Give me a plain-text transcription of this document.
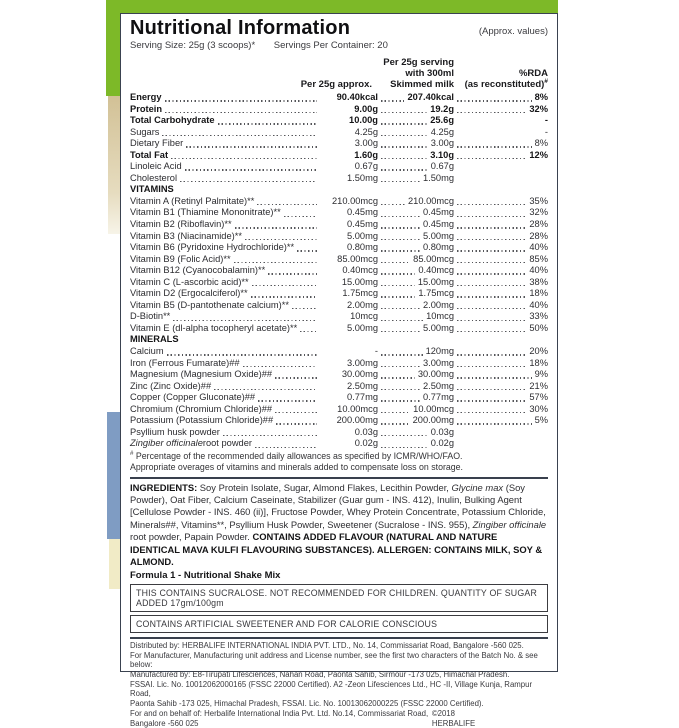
Nutritional Information	(Approx. values)
Serving Size: 25g (3 scoops)* Servings Per Container: 20
Per 25g approx.
Per 25g serving
with 300ml
Skimmed milk
%RDA
(as reconstituted)#
Energy	90.40kcal	207.40kcal	8%
Protein	9.00g	19.2g	32%
Total Carbohydrate	10.00g	25.6g	-
Sugars	4.25g	4.25g	-
Dietary Fiber	3.00g	3.00g	8%
Total Fat	1.60g	3.10g	12%
Linoleic Acid	0.67g	0.67g
Cholesterol	1.50mg	1.50mg
VITAMINS
Vitamin A (Retinyl Palmitate)**	210.00mcg	210.00mcg	35%
Vitamin B1 (Thiamine Mononitrate)**	0.45mg	0.45mg	32%
Vitamin B2 (Riboflavin)**	0.45mg	0.45mg	28%
Vitamin B3 (Niacinamide)**	5.00mg	5.00mg	28%
Vitamin B6 (Pyridoxine Hydrochloride)**	0.80mg	0.80mg	40%
Vitamin B9 (Folic Acid)**	85.00mcg	85.00mcg	85%
Vitamin B12 (Cyanocobalamin)**	0.40mcg	0.40mcg	40%
Vitamin C (L-ascorbic acid)**	15.00mg	15.00mg	38%
Vitamin D2 (Ergocalciferol)**	1.75mcg	1.75mcg	18%
Vitamin B5 (D-pantothenate calcium)**	2.00mg	2.00mg	40%
D-Biotin**	10mcg	10mcg	33%
Vitamin E (dl-alpha tocopheryl acetate)**	5.00mg	5.00mg	50%
MINERALS
Calcium	-	120mg	20%
Iron (Ferrous Fumarate)##	3.00mg	3.00mg	18%
Magnesium (Magnesium Oxide)##	30.00mg	30.00mg	9%
Zinc (Zinc Oxide)##	2.50mg	2.50mg	21%
Copper (Copper Gluconate)##	0.77mg	0.77mg	57%
Chromium (Chromium Chloride)##	10.00mcg	10.00mcg	30%
Potassium (Potassium Chloride)##	200.00mg	200.00mg	5%
Psyllium husk powder	0.03g	0.03g
Zingiber officinale root powder	0.02g	0.02g
# Percentage of the recommended daily allowances as specified by ICMR/WHO/FAO.
Appropriate overages of vitamins and minerals added to compensate loss on storage.

INGREDIENTS: Soy Protein Isolate, Sugar, Almond Flakes, Lecithin Powder, Glycine max (Soy Powder), Oat Fiber, Calcium Caseinate, Stabilizer (Guar gum - INS. 412), Inulin, Bulking Agent [Cellulose Powder - INS. 460 (ii)], Fructose Powder, Whey Protein Concentrate, Potassium Chloride, Minerals##, Vitamins**, Psyllium Husk Powder, Sweetener (Sucralose - INS. 955), Zingiber officinale root powder, Papain Powder. CONTAINS ADDED FLAVOUR (NATURAL AND NATURE IDENTICAL MAVA KULFI FLAVOURING SUBSTANCES). ALLERGEN: CONTAINS MILK, SOY & ALMOND.

Formula 1 - Nutritional Shake Mix
THIS CONTAINS SUCRALOSE. NOT RECOMMENDED FOR CHILDREN. QUANTITY OF SUGAR ADDED 17gm/100gm
CONTAINS ARTIFICIAL SWEETENER AND FOR CALORIE CONSCIOUS
Distributed by: HERBALIFE INTERNATIONAL INDIA PVT. LTD., No. 14, Commissariat Road, Bangalore -560 025.
For Manufacturer, Manufacturing unit address and License number, see the first two characters of the Batch No. & see below:
Manufactured by: E8-Tirupati Lifesciences, Nahan Road, Paonta Sahib, Sirmour -173 025, Himachal Pradesh.
FSSAI. Lic. No. 10012062000165 (FSSC 22000 Certified). A2 -Zeon Lifesciences Ltd., HC -II, Village Kunja, Rampur Road,
Paonta Sahib -173 025, Himachal Pradesh, FSSAI. Lic. No. 10013062000225 (FSSC 22000 Certified).
For and on behalf of: Herbalife International India Pvt. Ltd. No.14, Commissariat Road, Bangalore -560 025
©2018 HERBALIFE
